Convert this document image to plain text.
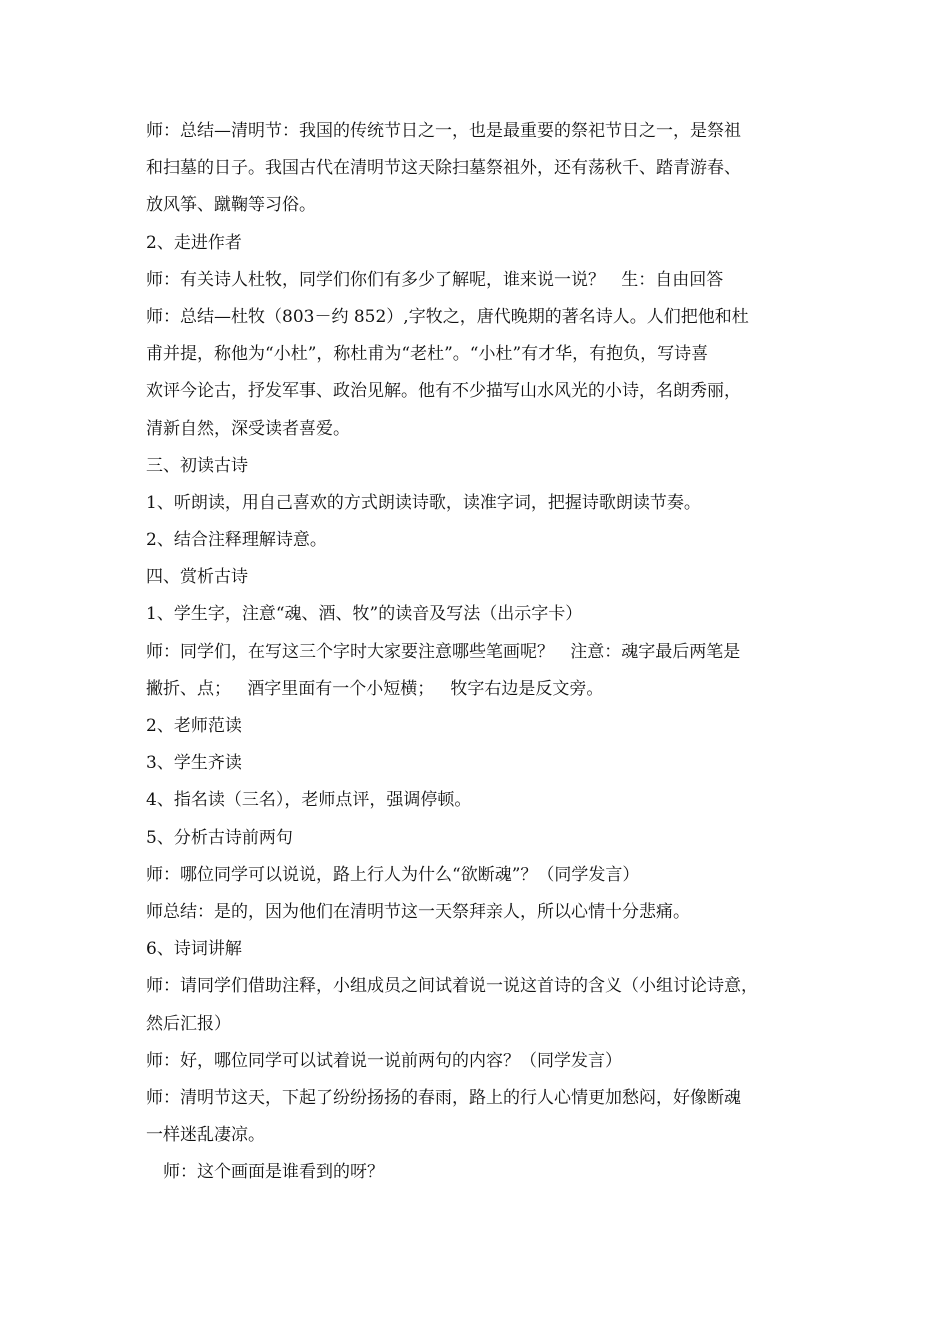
师：总结—清明节：我国的传统节日之一，也是最重要的祭祀节日之一，是祭祖
和扫墓的日子。我国古代在清明节这天除扫墓祭祖外，还有荡秋千、踏青游春、
放风筝、蹴鞠等习俗。
2、走进作者
师：有关诗人杜牧，同学们你们有多少了解呢，谁来说一说？   生：自由回答
师：总结—杜牧（803－约 852）,字牧之，唐代晚期的著名诗人。人们把他和杜
甫并提，称他为“小杜”，称杜甫为“老杜”。“小杜”有才华，有抱负，写诗喜
欢评今论古，抒发军事、政治见解。他有不少描写山水风光的小诗，名朗秀丽，
清新自然，深受读者喜爱。
三、初读古诗
1、听朗读，用自己喜欢的方式朗读诗歌，读准字词，把握诗歌朗读节奏。
2、结合注释理解诗意。
四、赏析古诗
1、学生字，注意“魂、酒、牧”的读音及写法（出示字卡）
师：同学们，在写这三个字时大家要注意哪些笔画呢？   注意：魂字最后两笔是
撇折、点；   酒字里面有一个小短横；   牧字右边是反文旁。
2、老师范读
3、学生齐读
4、指名读（三名），老师点评，强调停顿。
5、分析古诗前两句
师：哪位同学可以说说，路上行人为什么“欲断魂”？（同学发言）
师总结：是的，因为他们在清明节这一天祭拜亲人，所以心情十分悲痛。
6、诗词讲解
师：请同学们借助注释，小组成员之间试着说一说这首诗的含义（小组讨论诗意，
然后汇报）
师：好，哪位同学可以试着说一说前两句的内容？（同学发言）
师：清明节这天，下起了纷纷扬扬的春雨，路上的行人心情更加愁闷，好像断魂
一样迷乱凄凉。
师：这个画面是谁看到的呀？
